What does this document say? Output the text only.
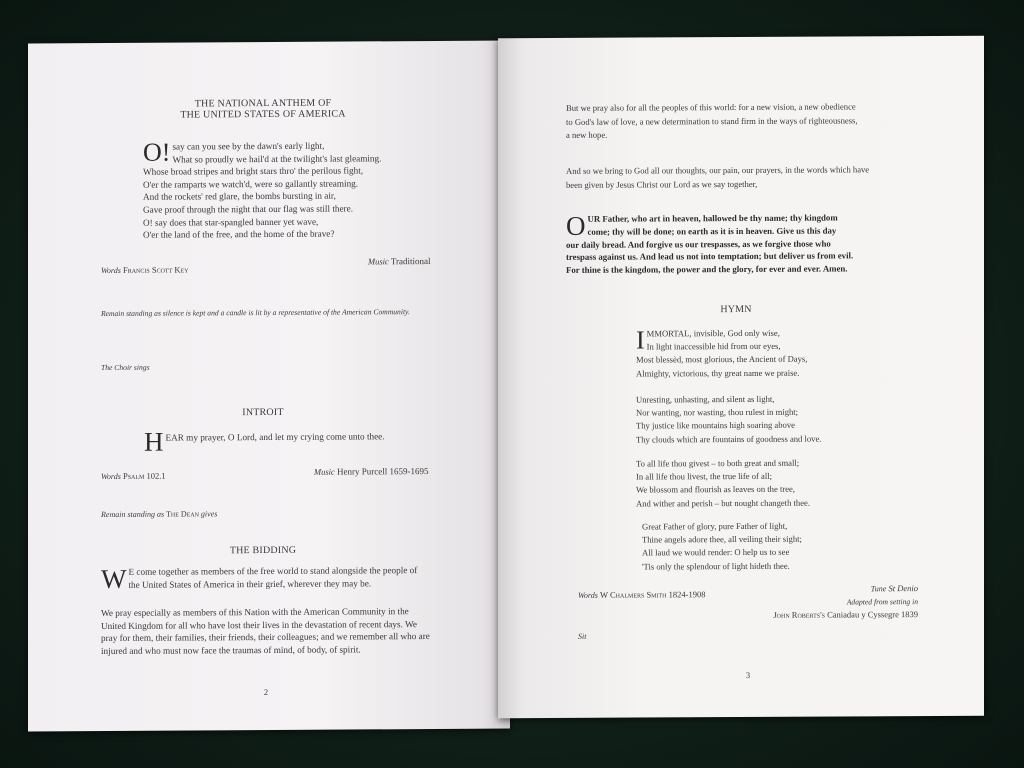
THE NATIONAL ANTHEM OF
THE UNITED STATES OF AMERICA
O! say can you see by the dawn's early light,
What so proudly we hail'd at the twilight's last gleaming.
Whose broad stripes and bright stars thro' the perilous fight,
O'er the ramparts we watch'd, were so gallantly streaming.
And the rockets' red glare, the bombs bursting in air,
Gave proof through the night that our flag was still there.
O! say does that star-spangled banner yet wave,
O'er the land of the free, and the home of the brave?
Words Francis Scott Key
Music Traditional
Remain standing as silence is kept and a candle is lit by a representative of the American Community.
The Choir sings
INTROIT
H EAR my prayer, O Lord, and let my crying come unto thee.
Words Psalm 102.1	Music Henry Purcell 1659-1695
Remain standing as The Dean gives
THE BIDDING
W E come together as members of the free world to stand alongside the people of
the United States of America in their grief, wherever they may be.
We pray especially as members of this Nation with the American Community in the
United Kingdom for all who have lost their lives in the devastation of recent days. We
pray for them, their families, their friends, their colleagues; and we remember all who are
injured and who must now face the traumas of mind, of body, of spirit.
2
But we pray also for all the peoples of this world: for a new vision, a new obedience
to God's law of love, a new determination to stand firm in the ways of righteousness,
a new hope.
And so we bring to God all our thoughts, our pain, our prayers, in the words which have
been given by Jesus Christ our Lord as we say together,
O UR Father, who art in heaven, hallowed be thy name; thy kingdom
come; thy will be done; on earth as it is in heaven. Give us this day
our daily bread. And forgive us our trespasses, as we forgive those who
trespass against us. And lead us not into temptation; but deliver us from evil.
For thine is the kingdom, the power and the glory, for ever and ever. Amen.
HYMN
I MMORTAL, invisible, God only wise,
In light inaccessible hid from our eyes,
Most blessèd, most glorious, the Ancient of Days,
Almighty, victorious, thy great name we praise.
Unresting, unhasting, and silent as light,
Nor wanting, nor wasting, thou rulest in might;
Thy justice like mountains high soaring above
Thy clouds which are fountains of goodness and love.
To all life thou givest – to both great and small;
In all life thou livest, the true life of all;
We blossom and flourish as leaves on the tree,
And wither and perish – but nought changeth thee.
Great Father of glory, pure Father of light,
Thine angels adore thee, all veiling their sight;
All laud we would render: O help us to see
'Tis only the splendour of light hideth thee.
Words W Chalmers Smith 1824-1908
Tune St Denio
Adapted from setting in
John Roberts's Caniadau y Cyssegre 1839
Sit
3
